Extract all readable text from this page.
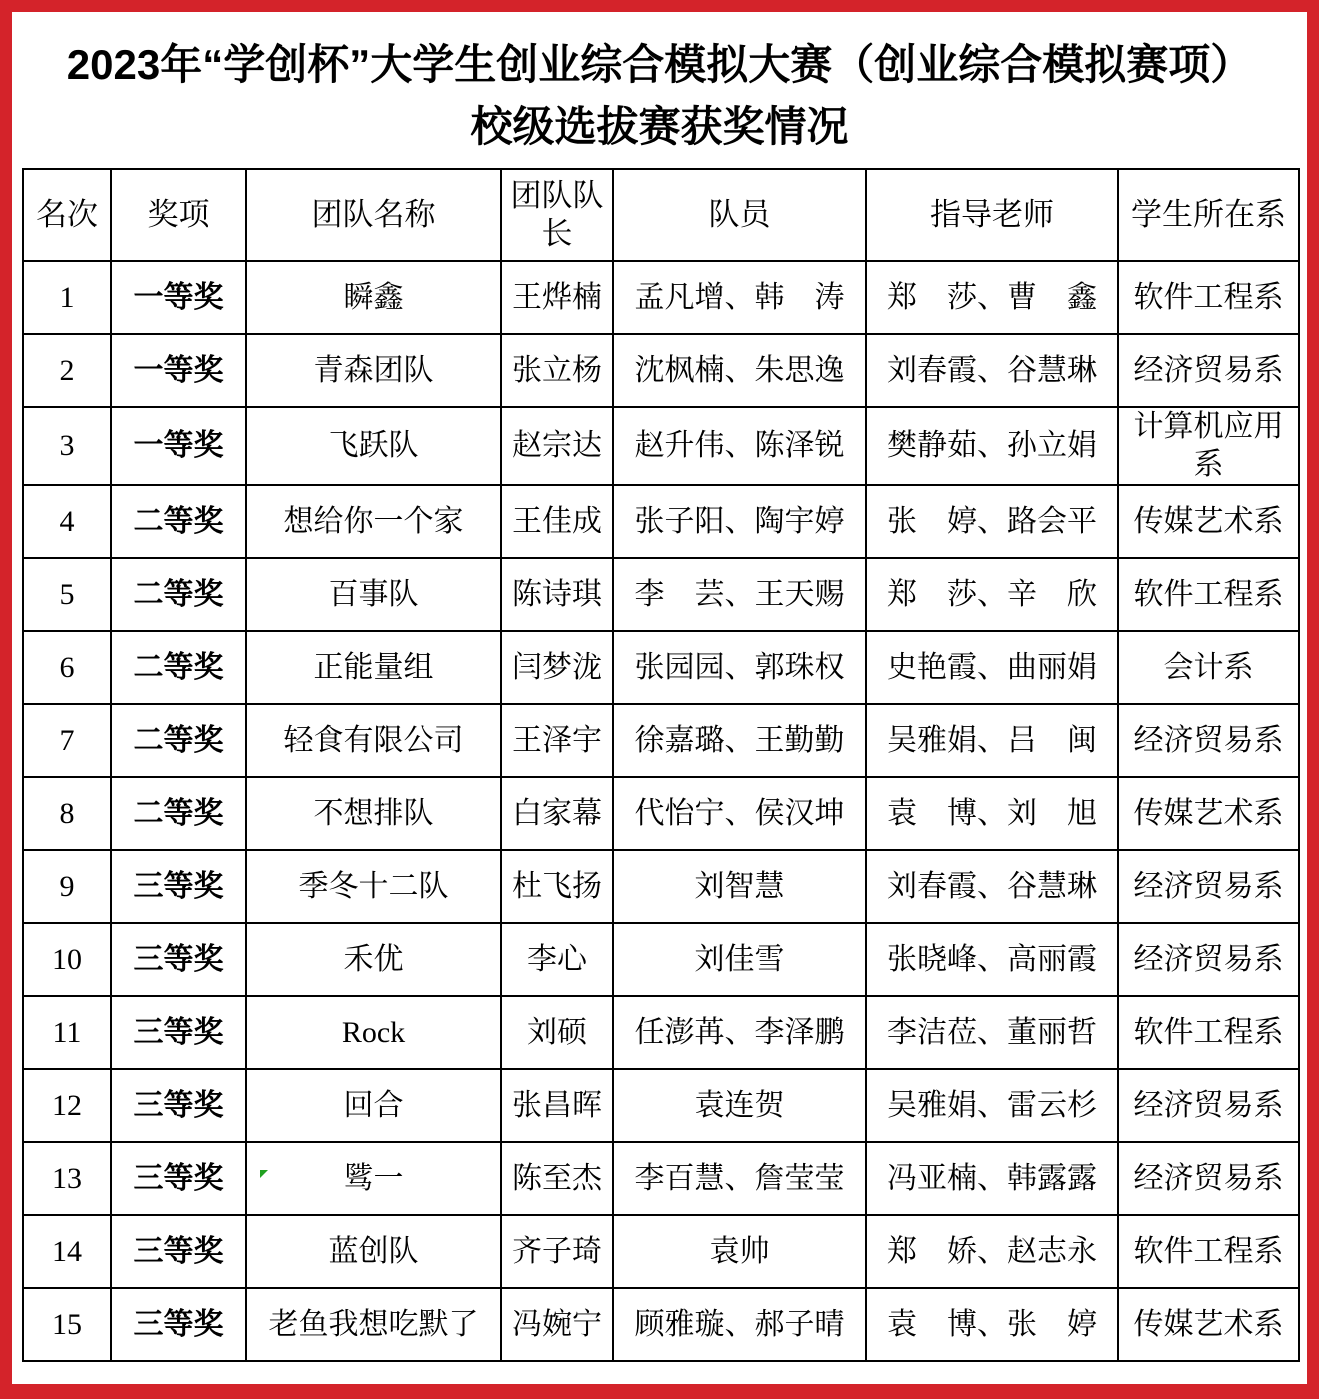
2023年“学创杯”大学生创业综合模拟大赛（创业综合模拟赛项）
校级选拔赛获奖情况
名次	奖项	团队名称	团队队长	队员	指导老师	学生所在系
1	一等奖	瞬鑫	王烨楠	孟凡增、韩　涛	郑　莎、曹　鑫	软件工程系
2	一等奖	青森团队	张立杨	沈枫楠、朱思逸	刘春霞、谷慧琳	经济贸易系
3	一等奖	飞跃队	赵宗达	赵升伟、陈泽锐	樊静茹、孙立娟	计算机应用系
4	二等奖	想给你一个家	王佳成	张子阳、陶宇婷	张　婷、路会平	传媒艺术系
5	二等奖	百事队	陈诗琪	李　芸、王天赐	郑　莎、辛　欣	软件工程系
6	二等奖	正能量组	闫梦泷	张园园、郭珠权	史艳霞、曲丽娟	会计系
7	二等奖	轻食有限公司	王泽宇	徐嘉璐、王勤勤	吴雅娟、吕　闽	经济贸易系
8	二等奖	不想排队	白家幕	代怡宁、侯汉坤	袁　博、刘　旭	传媒艺术系
9	三等奖	季冬十二队	杜飞扬	刘智慧	刘春霞、谷慧琳	经济贸易系
10	三等奖	禾优	李心	刘佳雪	张晓峰、高丽霞	经济贸易系
11	三等奖	Rock	刘硕	任澎苒、李泽鹏	李洁莅、董丽哲	软件工程系
12	三等奖	回合	张昌晖	袁连贺	吴雅娟、雷云杉	经济贸易系
13	三等奖	骘一	陈至杰	李百慧、詹莹莹	冯亚楠、韩露露	经济贸易系
14	三等奖	蓝创队	齐子琦	袁帅	郑　娇、赵志永	软件工程系
15	三等奖	老鱼我想吃默了	冯婉宁	顾雅璇、郝子晴	袁　博、张　婷	传媒艺术系
